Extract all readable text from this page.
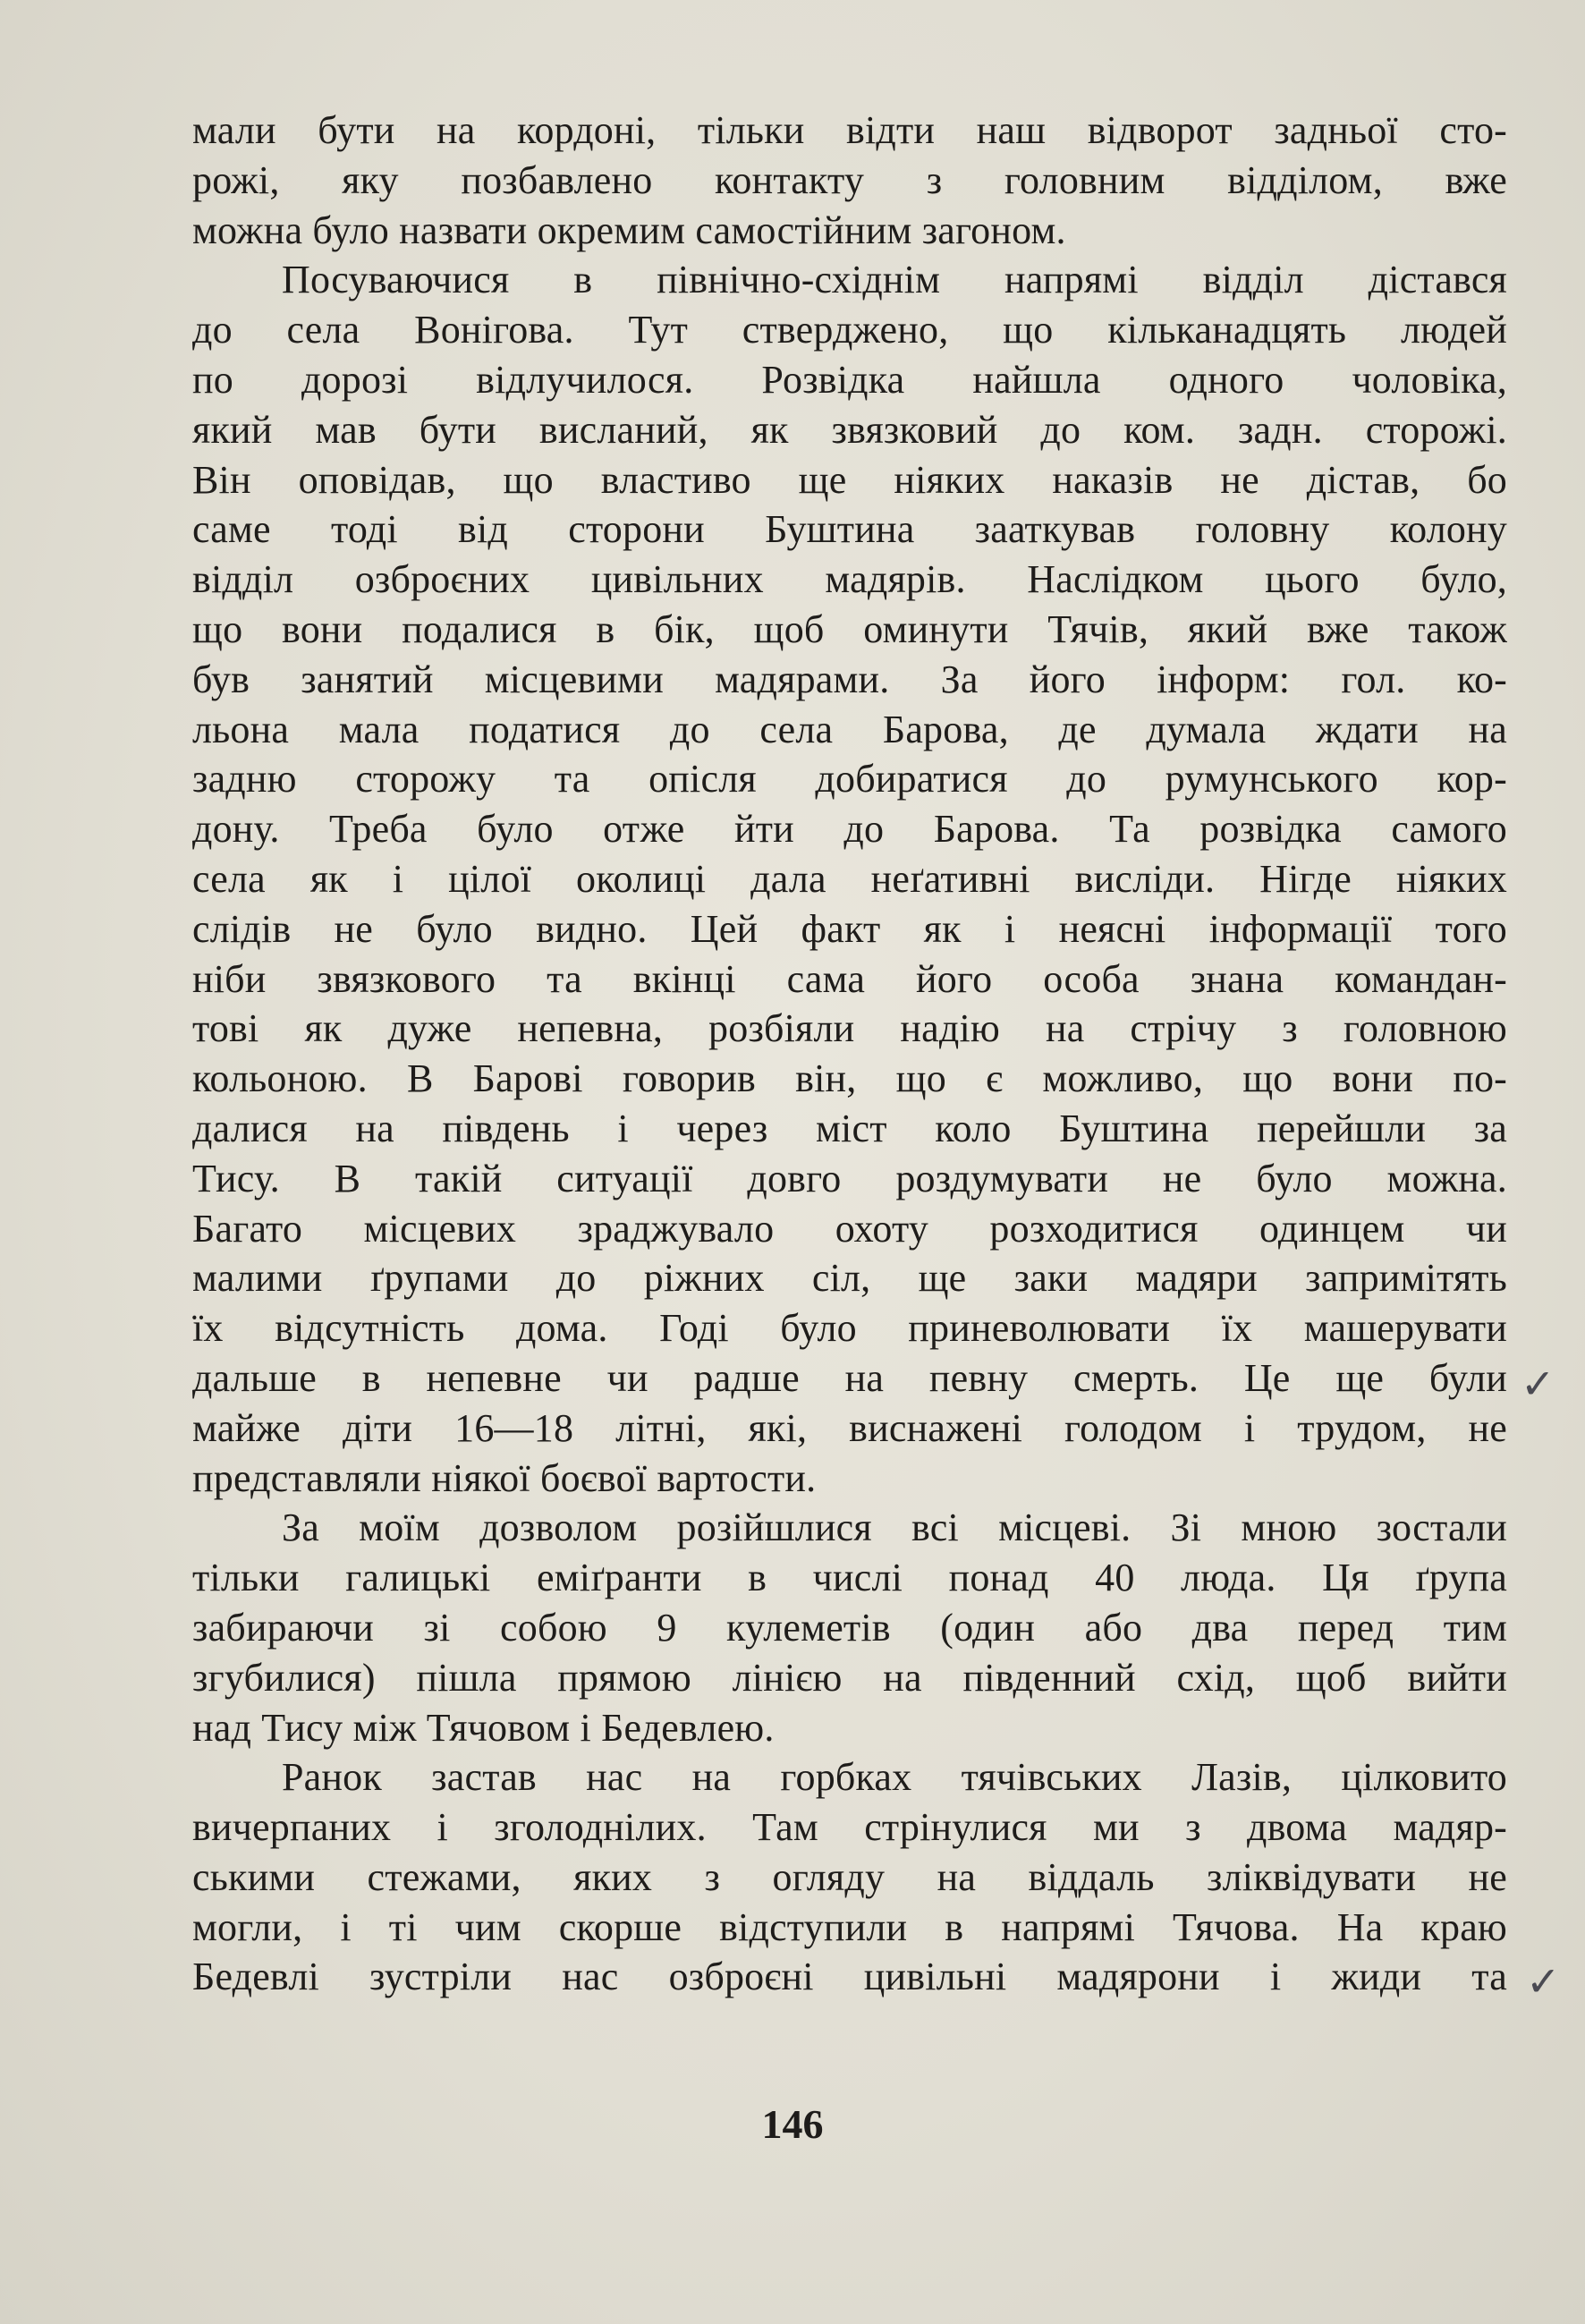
мали бути на кордоні, тільки відти наш відворот задньої сто-
рожі, яку позбавлено контакту з головним відділом, вже
можна було назвати окремим самостійним загоном.
Посуваючися в північно-східнім напрямі відділ дістався
до села Вонігова. Тут стверджено, що кільканадцять людей
по дорозі відлучилося. Розвідка найшла одного чоловіка,
який мав бути висланий, як звязковий до ком. задн. сторожі.
Він оповідав, що властиво ще ніяких наказів не дістав, бо
саме тоді від сторони Буштина зааткував головну колону
відділ озброєних цивільних мадярів. Наслідком цього було,
що вони подалися в бік, щоб оминути Тячів, який вже також
був занятий місцевими мадярами. За його інформ: гол. ко-
льона мала податися до села Барова, де думала ждати на
задню сторожу та опісля добиратися до румунського кор-
дону. Треба було отже йти до Барова. Та розвідка самого
села як і цілої околиці дала неґативні висліди. Нігде ніяких
слідів не було видно. Цей факт як і неясні інформації того
ніби звязкового та вкінці сама його особа знана командан-
тові як дуже непевна, розбіяли надію на стрічу з головною
кольоною. В Барові говорив він, що є можливо, що вони по-
далися на південь і через міст коло Буштина перейшли за
Тису. В такій ситуації довго роздумувати не було можна.
Багато місцевих зраджувало охоту розходитися одинцем чи
малими ґрупами до ріжних сіл, ще заки мадяри запримітять
їх відсутність дома. Годі було приневолювати їх машерувати
дальше в непевне чи радше на певну смерть. Це ще були
майже діти 16—18 літні, які, виснажені голодом і трудом, не
представляли ніякої боєвої вартости.
За моїм дозволом розійшлися всі місцеві. Зі мною зостали
тільки галицькі еміґранти в числі понад 40 люда. Ця ґрупа
забираючи зі собою 9 кулеметів (один або два перед тим
згубилися) пішла прямою лінією на південний схід, щоб вийти
над Тису між Тячовом і Бедевлею.
Ранок застав нас на горбках тячівських Лазів, цілковито
вичерпаних і зголоднілих. Там стрінулися ми з двома мадяр-
ськими стежами, яких з огляду на віддаль зліквідувати не
могли, і ті чим скорше відступили в напрямі Тячова. На краю
Бедевлі зустріли нас озброєні цивільні мадярони і жиди та
146
✓
✓
